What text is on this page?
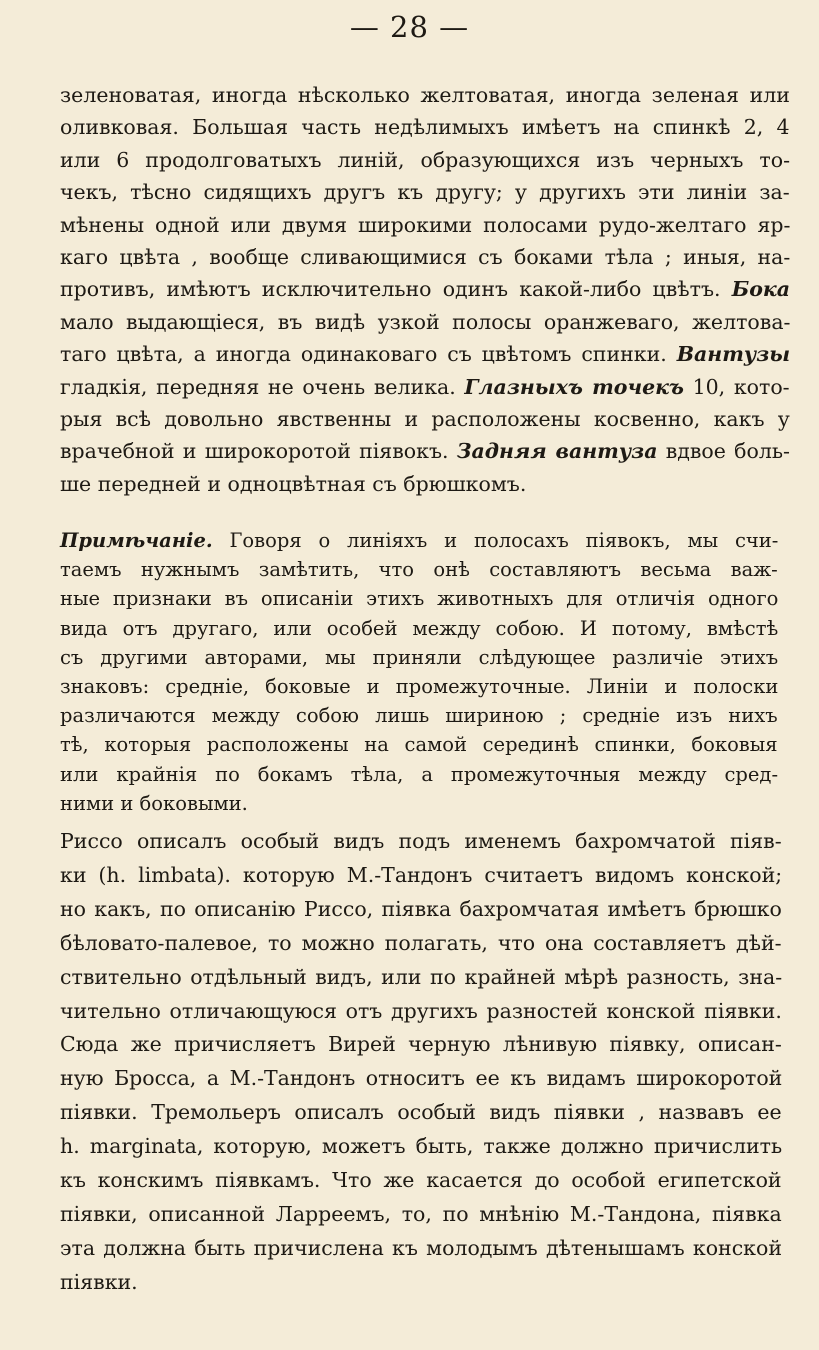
— 28 —
зеленоватая, иногда нѣсколько желтоватая, иногда зеленая или
оливковая. Большая часть недѣлимыхъ имѣетъ на спинкѣ 2, 4
или 6 продолговатыхъ линій, образующихся изъ черныхъ то-
чекъ, тѣсно сидящихъ другъ къ другу; у другихъ эти линіи за-
мѣнены одной или двумя широкими полосами рудо-желтаго яр-
каго цвѣта , вообще сливающимися съ боками тѣла ; иныя, на-
противъ, имѣютъ исключительно одинъ какой-либо цвѣтъ. Бока
мало выдающіеся, въ видѣ узкой полосы оранжеваго, желтова-
таго цвѣта, а иногда одинаковаго съ цвѣтомъ спинки. Вантузы
гладкія, передняя не очень велика. Глазныхъ точекъ 10, кото-
рыя всѣ довольно явственны и расположены косвенно, какъ у
врачебной и широкоротой піявокъ. Задняя вантуза вдвое боль-
ше передней и одноцвѣтная съ брюшкомъ.
Примѣчаніе. Говоря о линіяхъ и полосахъ піявокъ, мы счи-
таемъ нужнымъ замѣтить, что онѣ составляютъ весьма важ-
ные признаки въ описаніи этихъ животныхъ для отличія одного
вида отъ другаго, или особей между собою. И потому, вмѣстѣ
съ другими авторами, мы приняли слѣдующее различіе этихъ
знаковъ: средніе, боковые и промежуточные. Линіи и полоски
различаются между собою лишь шириною ; средніе изъ нихъ
тѣ, которыя расположены на самой серединѣ спинки, боковыя
или крайнія по бокамъ тѣла, а промежуточныя между сред-
ними и боковыми.
Риссо описалъ особый видъ подъ именемъ бахромчатой піяв-
ки (h. limbata). которую М.-Тандонъ считаетъ видомъ конской;
но какъ, по описанію Риссо, піявка бахромчатая имѣетъ брюшко
бѣловато-палевое, то можно полагать, что она составляетъ дѣй-
ствительно отдѣльный видъ, или по крайней мѣрѣ разность, зна-
чительно отличающуюся отъ другихъ разностей конской піявки.
Сюда же причисляетъ Вирей черную лѣнивую піявку, описан-
ную Бросса, а М.-Тандонъ относитъ ее къ видамъ широкоротой
піявки. Тремольеръ описалъ особый видъ піявки , назвавъ ее
h. marginata, которую, можетъ быть, также должно причислить
къ конскимъ піявкамъ. Что же касается до особой египетской
піявки, описанной Ларреемъ, то, по мнѣнію М.-Тандона, піявка
эта должна быть причислена къ молодымъ дѣтенышамъ конской
піявки.
